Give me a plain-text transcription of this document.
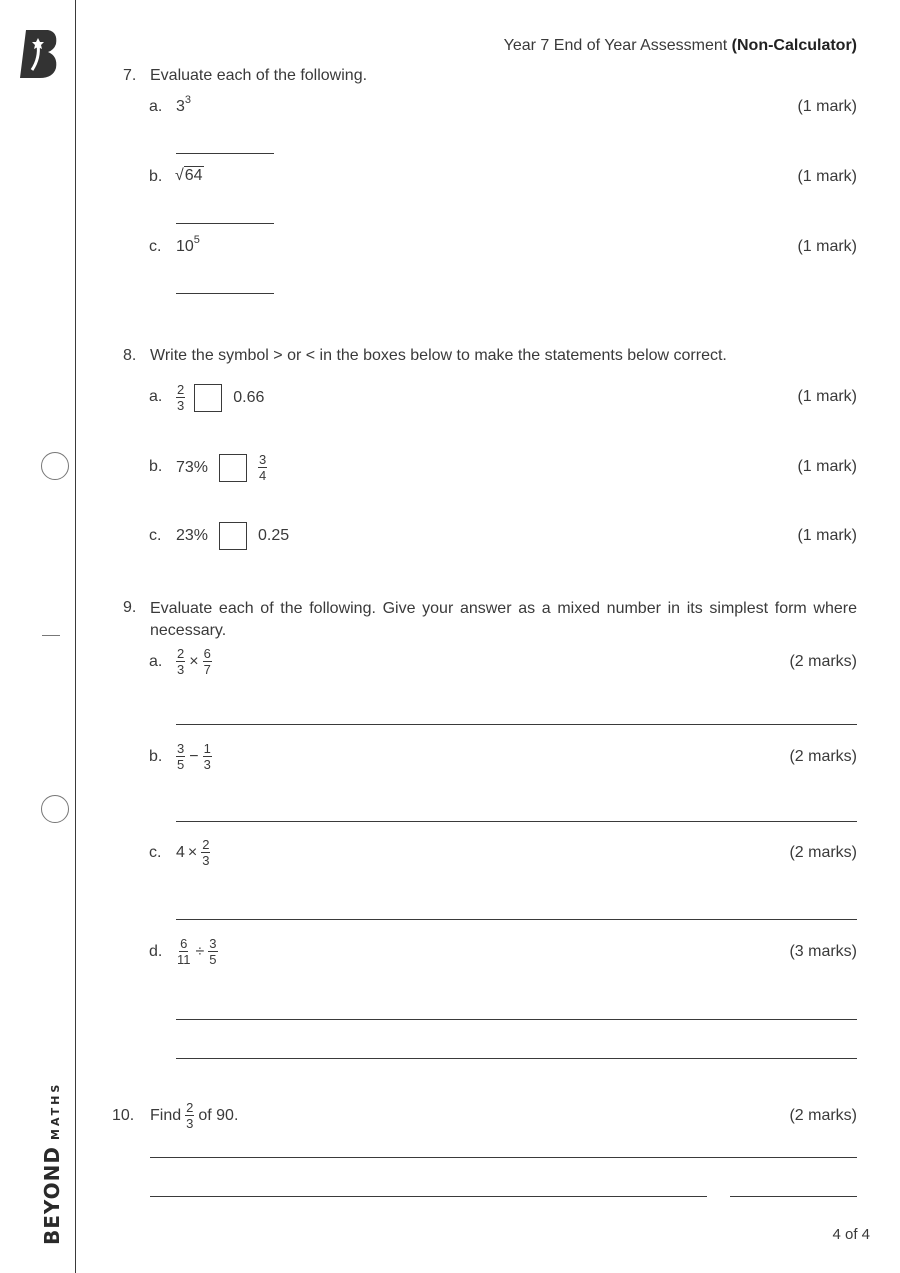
BEYOND
MATHS
Year 7 End of Year Assessment (Non-Calculator)
7. Evaluate each of the following.
a. $3^3$	(1 mark)
b. √ 64	(1 mark)
c. $10^5$	(1 mark)
8. Write the symbol > or < in the boxes below to make the statements below correct.
a. $\frac{2}{3}$	0.66	(1 mark)
b. 73%	$\frac{3}{4}$	(1 mark)
c. 23%	0.25	(1 mark)
9. Evaluate each of the following. Give your answer as a mixed number in its simplest form where necessary.
a. $\frac{2}{3} \times \frac{6}{7}$	(2 marks)
b. $\frac{3}{5} - \frac{1}{3}$	(2 marks)
c. $4 \times \frac{2}{3}$	(2 marks)
d. $\frac{6}{11} \div \frac{3}{5}$	(3 marks)
10. Find $\frac{2}{3}$ of 90.	(2 marks)
4 of 4
